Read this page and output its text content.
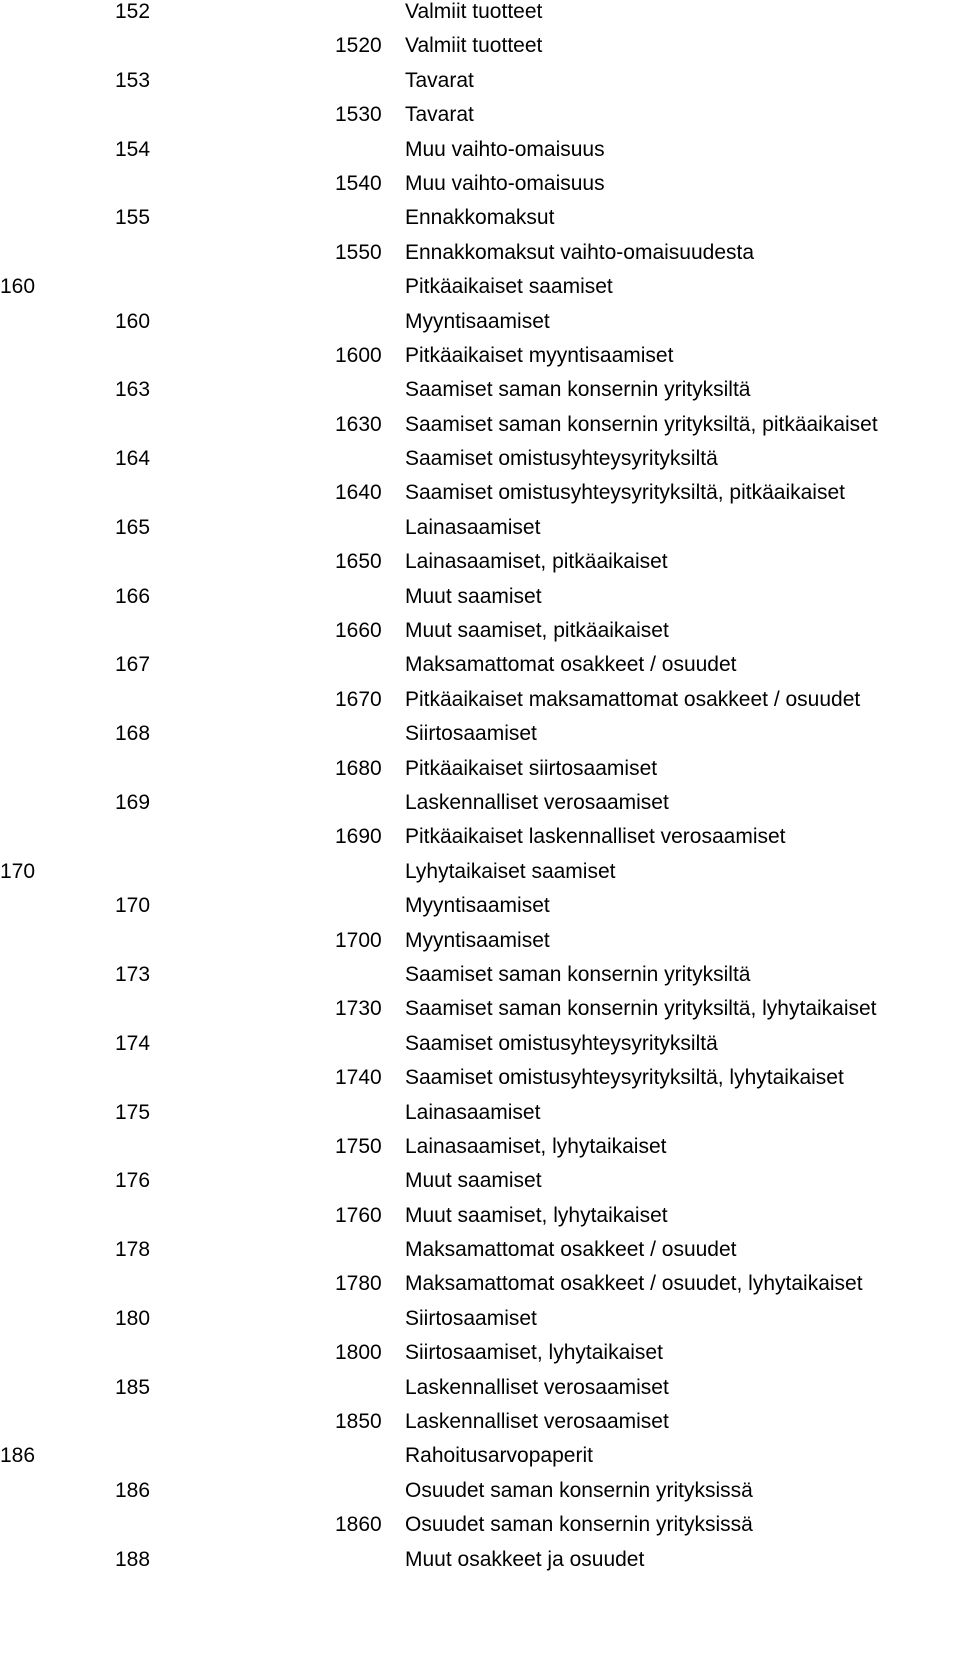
152	Valmiit tuotteet
1520 Valmiit tuotteet
153	Tavarat
1530 Tavarat
154	Muu vaihto-omaisuus
1540 Muu vaihto-omaisuus
155	Ennakkomaksut
1550 Ennakkomaksut vaihto-omaisuudesta
160	Pitkäaikaiset saamiset
160	Myyntisaamiset
1600 Pitkäaikaiset myyntisaamiset
163	Saamiset saman konsernin yrityksiltä
1630 Saamiset saman konsernin yrityksiltä, pitkäaikaiset
164	Saamiset omistusyhteysyrityksiltä
1640 Saamiset omistusyhteysyrityksiltä, pitkäaikaiset
165	Lainasaamiset
1650 Lainasaamiset, pitkäaikaiset
166	Muut saamiset
1660 Muut saamiset, pitkäaikaiset
167	Maksamattomat osakkeet / osuudet
1670 Pitkäaikaiset maksamattomat osakkeet / osuudet
168	Siirtosaamiset
1680 Pitkäaikaiset siirtosaamiset
169	Laskennalliset verosaamiset
1690 Pitkäaikaiset laskennalliset verosaamiset
170	Lyhytaikaiset saamiset
170	Myyntisaamiset
1700 Myyntisaamiset
173	Saamiset saman konsernin yrityksiltä
1730 Saamiset saman konsernin yrityksiltä, lyhytaikaiset
174	Saamiset omistusyhteysyrityksiltä
1740 Saamiset omistusyhteysyrityksiltä, lyhytaikaiset
175	Lainasaamiset
1750 Lainasaamiset, lyhytaikaiset
176	Muut saamiset
1760 Muut saamiset, lyhytaikaiset
178	Maksamattomat osakkeet / osuudet
1780 Maksamattomat osakkeet / osuudet, lyhytaikaiset
180	Siirtosaamiset
1800 Siirtosaamiset, lyhytaikaiset
185	Laskennalliset verosaamiset
1850 Laskennalliset verosaamiset
186	Rahoitusarvopaperit
186	Osuudet saman konsernin yrityksissä
1860 Osuudet saman konsernin yrityksissä
188	Muut osakkeet ja osuudet
